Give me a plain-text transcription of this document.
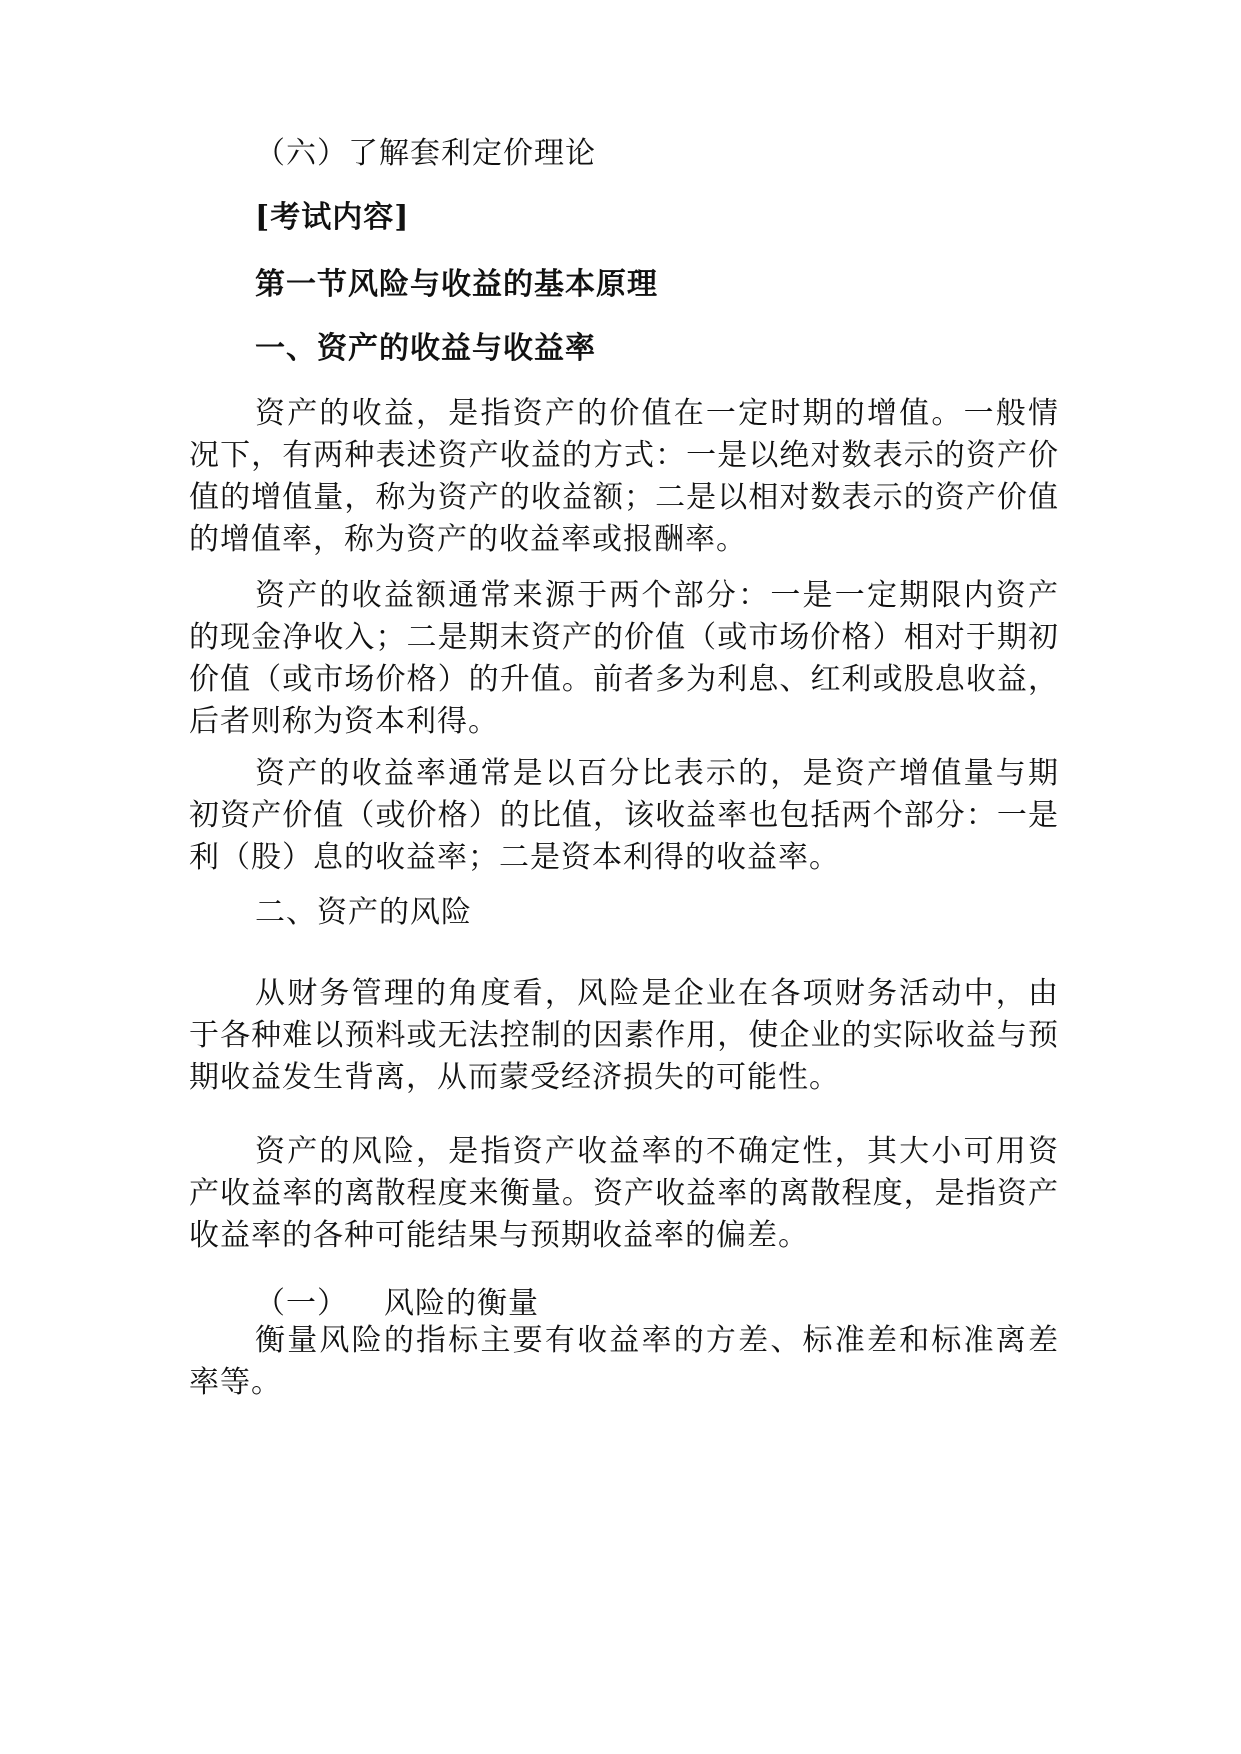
（六）了解套利定价理论

[考试内容]

第一节风险与收益的基本原理

一、资产的收益与收益率

资产的收益，是指资产的价值在一定时期的增值。一般情况下，有两种表述资产收益的方式：一是以绝对数表示的资产价值的增值量，称为资产的收益额；二是以相对数表示的资产价值的增值率，称为资产的收益率或报酬率。

资产的收益额通常来源于两个部分：一是一定期限内资产的现金净收入；二是期末资产的价值（或市场价格）相对于期初价值（或市场价格）的升值。前者多为利息、红利或股息收益，后者则称为资本利得。

资产的收益率通常是以百分比表示的，是资产增值量与期初资产价值（或价格）的比值，该收益率也包括两个部分：一是利（股）息的收益率；二是资本利得的收益率。

二、资产的风险

从财务管理的角度看，风险是企业在各项财务活动中，由于各种难以预料或无法控制的因素作用，使企业的实际收益与预期收益发生背离，从而蒙受经济损失的可能性。

资产的风险，是指资产收益率的不确定性，其大小可用资产收益率的离散程度来衡量。资产收益率的离散程度，是指资产收益率的各种可能结果与预期收益率的偏差。

（一） 风险的衡量

衡量风险的指标主要有收益率的方差、标准差和标准离差率等。
